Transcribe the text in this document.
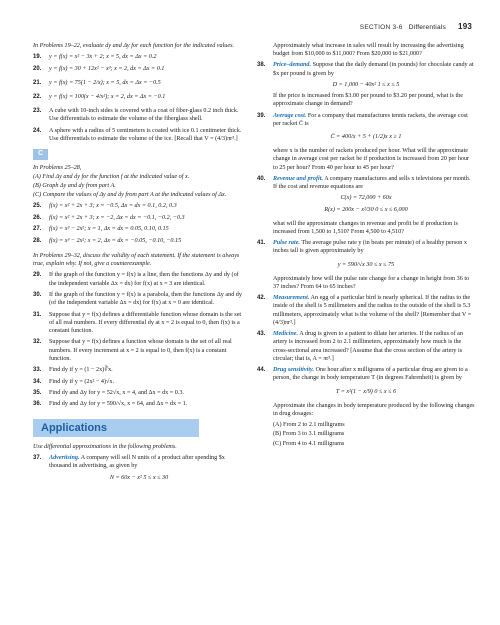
SECTION 3-6 Differentials 193

In Problems 19–22, evaluate dy and Δy for each function for the indicated values.

19.	y = f(x) = x² − 3x + 2; x = 5, dx = Δx = 0.2
20.	y = f(x) = 30 + 12x² − x³; x = 2, dx = Δx = 0.1
21.	y = f(x) = 75(1 − 2/x); x = 5, dx = Δx = −0.5
22.	y = f(x) = 100(x − 4/x²); x = 2, dx = Δx = −0.1
23.	A cube with 10-inch sides is covered with a coat of fiber-glass 0.2 inch thick. Use differentials to estimate the volume of the fiberglass shell.
24.	A sphere with a radius of 5 centimeters is coated with ice 0.1 centimeter thick. Use differentials to estimate the volume of the ice. [Recall that V = (4/3)πr³.]
C

In Problems 25–28,

(A) Find Δy and dy for the function f at the indicated value of x.

(B) Graph Δy and dy from part A.

(C) Compare the values of Δy and dy from part A at the indicated values of Δx.

25.	f(x) = x² + 2x + 3; x = −0.5, Δx = dx = 0.1, 0.2, 0.3
26.	f(x) = x² + 2x + 3; x = −2, Δx = dx = −0.1, −0.2, −0.3
27.	f(x) = x³ − 2x²; x = 1, Δx = dx = 0.05, 0.10, 0.15
28.	f(x) = x³ − 2x²; x = 2, Δx = dx = −0.05, −0.10, −0.15

In Problems 29–32, discuss the validity of each statement. If the statement is always true, explain why. If not, give a counterexample.

29.	If the graph of the function y = f(x) is a line, then the functions Δy and dy (of the independent variable Δx = dx) for f(x) at x = 3 are identical.
30.	If the graph of the function y = f(x) is a parabola, then the functions Δy and dy (of the independent variable Δx = dx) for f(x) at x = 0 are identical.
31.	Suppose that y = f(x) defines a differentiable function whose domain is the set of all real numbers. If every differential dy at x = 2 is equal to 0, then f(x) is a constant function.
32.	Suppose that y = f(x) defines a function whose domain is the set of all real numbers. If every increment at x = 2 is equal to 0, then f(x) is a constant function.
33.	Find dy if y = (1 − 2x)∛x.
34.	Find dy if y = (2x² − 4)√x.
35.	Find dy and Δy for y = 52√x, x = 4, and Δx = dx = 0.3.
36.	Find dy and Δy for y = 590/√x, x = 64, and Δx = dx = 1.
Applications

Use differential approximations in the following problems.

37.	Advertising. A company will sell N units of a product after spending $x thousand in advertising, as given by
N = 60x − x² 5 ≤ x ≤ 30

Approximately what increase in sales will result by increasing the advertising budget from $10,000 to $11,000? From $20,000 to $21,000?

38.	Price–demand. Suppose that the daily demand (in pounds) for chocolate candy at $x per pound is given by
D = 1,000 − 40x² 1 ≤ x ≤ 5

If the price is increased from $3.00 per pound to $3.20 per pound, what is the approximate change in demand?

39.	Average cost. For a company that manufactures tennis rackets, the average cost per racket C̄ is
C̄ = 400/x + 5 + (1/2)x x ≥ 1

where x is the number of rackets produced per hour. What will the approximate change in average cost per racket be if production is increased from 20 per hour to 25 per hour? From 40 per hour to 45 per hour?

40.	Revenue and profit. A company manufactures and sells x televisions per month. If the cost and revenue equations are
C(x) = 72,000 + 60x
R(x) = 200x − x²/30 0 ≤ x ≤ 6,000

what will the approximate changes in revenue and profit be if production is increased from 1,500 to 1,510? From 4,500 to 4,510?

41.	Pulse rate. The average pulse rate y (in beats per minute) of a healthy person x inches tall is given approximately by
y = 590/√x 30 ≤ x ≤ 75

Approximately how will the pulse rate change for a change in height from 36 to 37 inches? From 64 to 65 inches?

42.	Measurement. An egg of a particular bird is nearly spherical. If the radius to the inside of the shell is 5 millimeters and the radius to the outside of the shell is 5.3 millimeters, approximately what is the volume of the shell? [Remember that V = (4/3)πr³.]
43.	Medicine. A drug is given to a patient to dilate her arteries. If the radius of an artery is increased from 2 to 2.1 millimeters, approximately how much is the cross-sectional area increased? [Assume that the cross section of the artery is circular; that is, A = πr².]
44.	Drug sensitivity. One hour after x milligrams of a particular drug are given to a person, the change in body temperature T (in degrees Fahrenheit) is given by
T = x²(1 − x/9) 0 ≤ x ≤ 6

Approximate the changes in body temperature produced by the following changes in drug dosages:

(A) From 2 to 2.1 milligrams

(B) From 3 to 3.1 milligrams

(C) From 4 to 4.1 milligrams
